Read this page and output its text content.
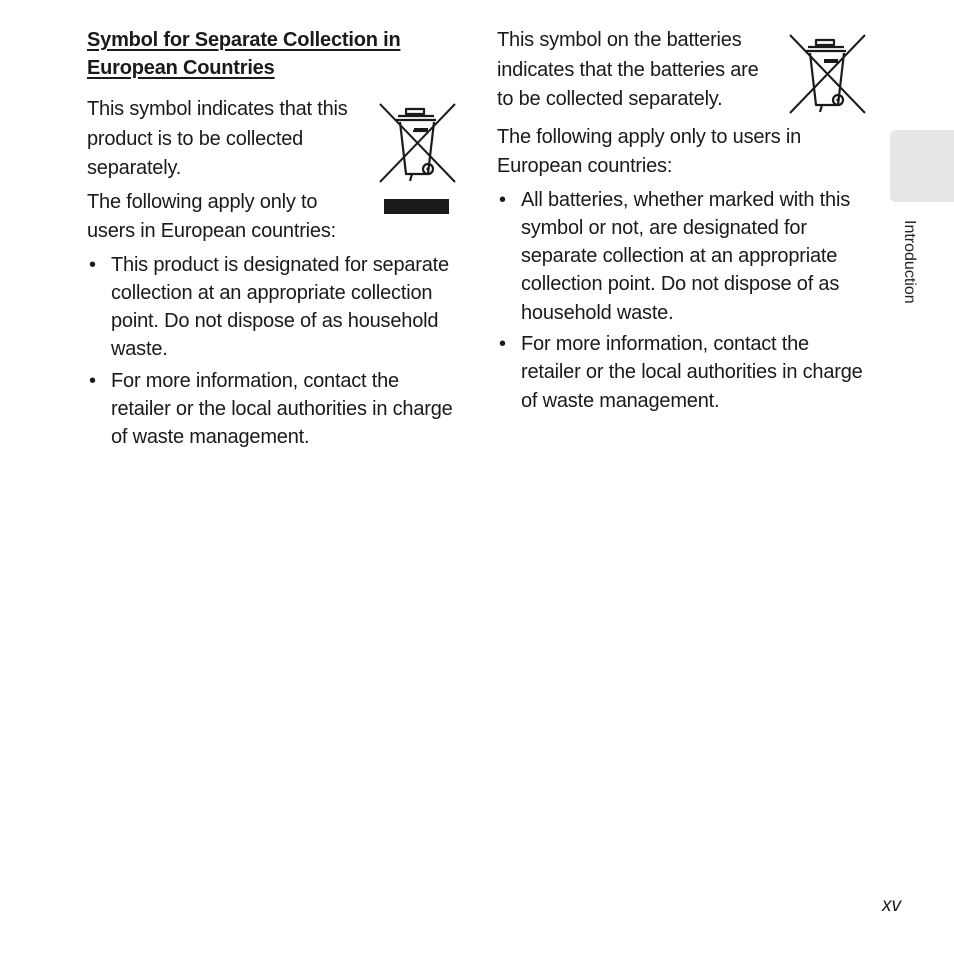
Symbol for Separate Collection in European Countries

This symbol indicates that this product is to be collected separately.

The following apply only to users in European countries:

• This product is designated for separate collection at an appropriate collection point. Do not dispose of as household waste.
• For more information, contact the retailer or the local authorities in charge of waste management.

This symbol on the batteries indicates that the batteries are to be collected separately.

The following apply only to users in European countries:

• All batteries, whether marked with this symbol or not, are designated for separate collection at an appropriate collection point. Do not dispose of as household waste.
• For more information, contact the retailer or the local authorities in charge of waste management.
Introduction
xv
